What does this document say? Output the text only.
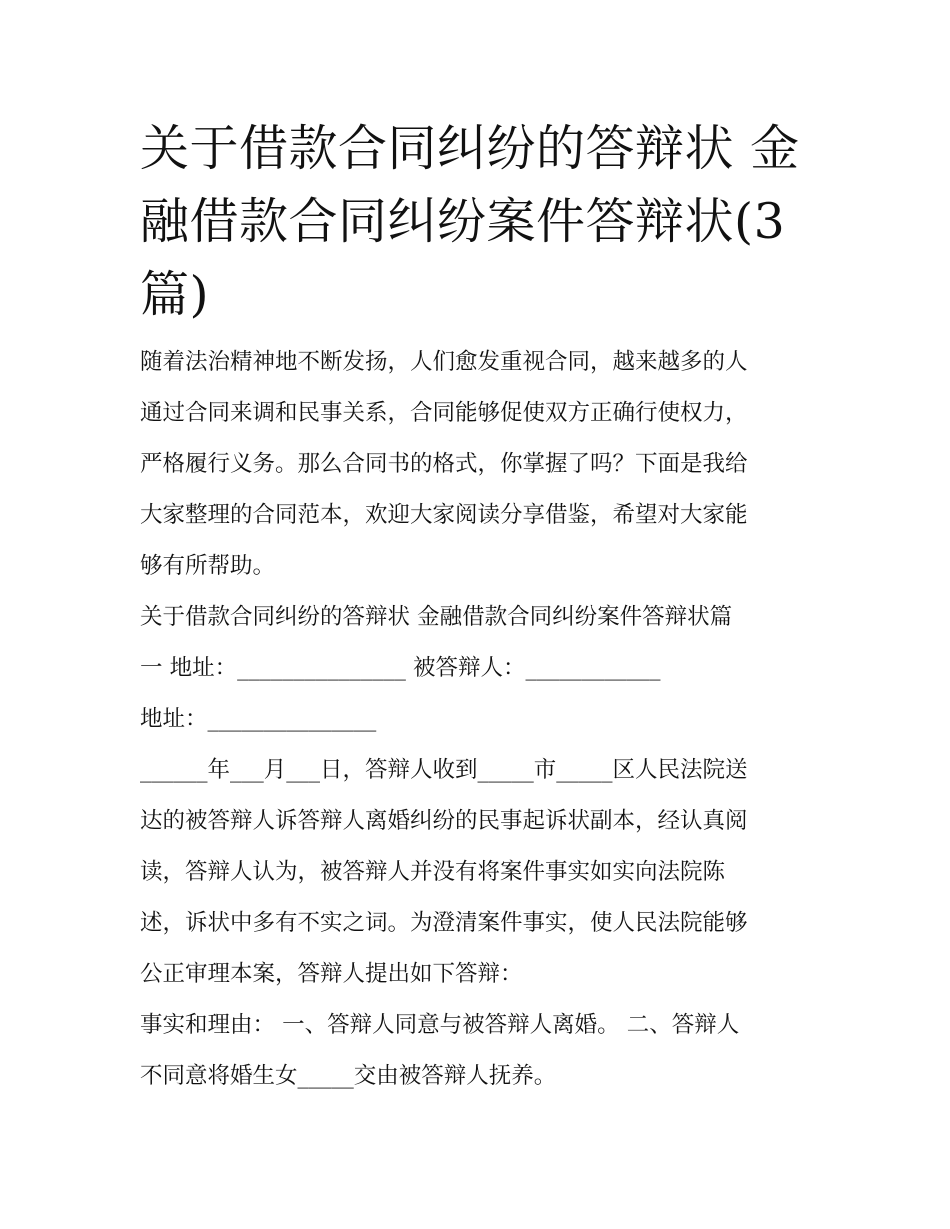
关于借款合同纠纷的答辩状 金
融借款合同纠纷案件答辩状(3
篇)
随着法治精神地不断发扬，人们愈发重视合同，越来越多的人
通过合同来调和民事关系，合同能够促使双方正确行使权力，
严格履行义务。那么合同书的格式，你掌握了吗？下面是我给
大家整理的合同范本，欢迎大家阅读分享借鉴，希望对大家能
够有所帮助。
关于借款合同纠纷的答辩状 金融借款合同纠纷案件答辩状篇
一 地址：_______________ 被答辩人：____________
地址：_______________
______年___月___日，答辩人收到_____市_____区人民法院送
达的被答辩人诉答辩人离婚纠纷的民事起诉状副本，经认真阅
读，答辩人认为，被答辩人并没有将案件事实如实向法院陈
述，诉状中多有不实之词。为澄清案件事实，使人民法院能够
公正审理本案，答辩人提出如下答辩：
事实和理由： 一、答辩人同意与被答辩人离婚。 二、答辩人
不同意将婚生女_____交由被答辩人抚养。
